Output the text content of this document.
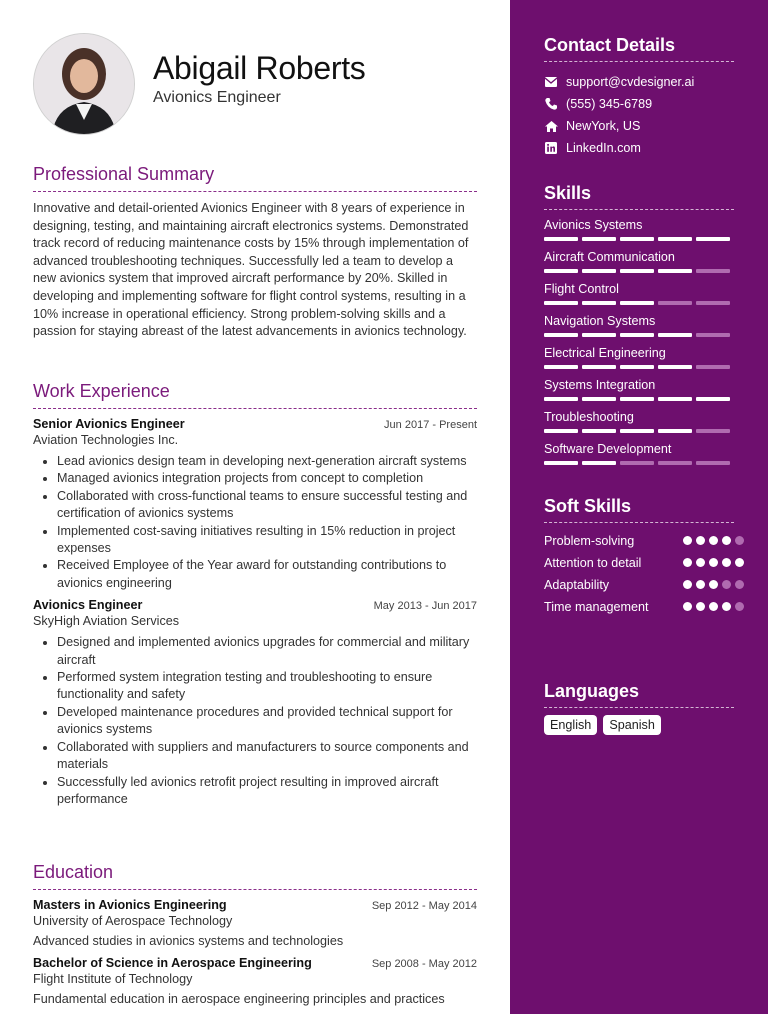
Abigail Roberts
Avionics Engineer
Professional Summary

Innovative and detail-oriented Avionics Engineer with 8 years of experience in designing, testing, and maintaining aircraft electronics systems. Demonstrated track record of reducing maintenance costs by 15% through implementation of advanced troubleshooting techniques. Successfully led a team to develop a new avionics system that improved aircraft performance by 20%. Skilled in developing and implementing software for flight control systems, resulting in a 10% increase in operational efficiency. Strong problem-solving skills and a passion for staying abreast of the latest advancements in avionics technology.

Work Experience
Senior Avionics Engineer	Jun 2017 - Present
Aviation Technologies Inc.
• Lead avionics design team in developing next-generation aircraft systems
• Managed avionics integration projects from concept to completion
• Collaborated with cross-functional teams to ensure successful testing and certification of avionics systems
• Implemented cost-saving initiatives resulting in 15% reduction in project expenses
• Received Employee of the Year award for outstanding contributions to avionics engineering
Avionics Engineer	May 2013 - Jun 2017
SkyHigh Aviation Services
• Designed and implemented avionics upgrades for commercial and military aircraft
• Performed system integration testing and troubleshooting to ensure functionality and safety
• Developed maintenance procedures and provided technical support for avionics systems
• Collaborated with suppliers and manufacturers to source components and materials
• Successfully led avionics retrofit project resulting in improved aircraft performance
Education
Masters in Avionics Engineering	Sep 2012 - May 2014
University of Aerospace Technology
Advanced studies in avionics systems and technologies
Bachelor of Science in Aerospace Engineering	Sep 2008 - May 2012
Flight Institute of Technology
Fundamental education in aerospace engineering principles and practices
Contact Details
support@cvdesigner.ai
(555) 345-6789
NewYork, US
LinkedIn.com
Skills
Avionics Systems
Aircraft Communication
Flight Control
Navigation Systems
Electrical Engineering
Systems Integration
Troubleshooting
Software Development
Soft Skills
Problem-solving
Attention to detail
Adaptability
Time management
Languages
English	Spanish
